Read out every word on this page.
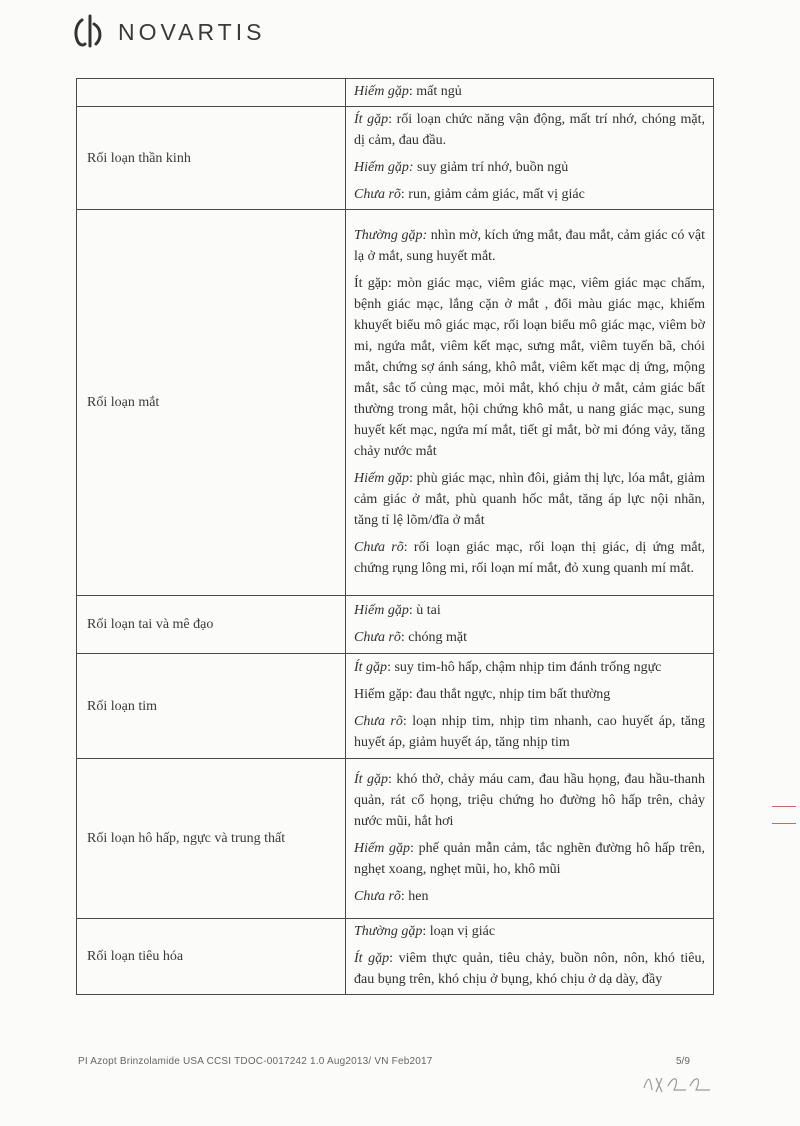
NOVARTIS

	Hiếm gặp: mất ngủ

Rối loạn thần kinh	Ít gặp: rối loạn chức năng vận động, mất trí nhớ, chóng mặt, dị cảm, đau đầu.

Hiếm gặp: suy giảm trí nhớ, buồn ngủ

Chưa rõ: run, giảm cảm giác, mất vị giác

Rối loạn mắt	Thường gặp: nhìn mờ, kích ứng mắt, đau mắt, cảm giác có vật lạ ở mắt, sung huyết mắt.

Ít gặp: mòn giác mạc, viêm giác mạc, viêm giác mạc chấm, bệnh giác mạc, lắng cặn ở mắt , đổi màu giác mạc, khiếm khuyết biểu mô giác mạc, rối loạn biểu mô giác mạc, viêm bờ mi, ngứa mắt, viêm kết mạc, sưng mắt, viêm tuyến bã, chói mắt, chứng sợ ánh sáng, khô mắt, viêm kết mạc dị ứng, mộng mắt, sắc tố củng mạc, mỏi mắt, khó chịu ở mắt, cảm giác bất thường trong mắt, hội chứng khô mắt, u nang giác mạc, sung huyết kết mạc, ngứa mí mắt, tiết gỉ mắt, bờ mi đóng vảy, tăng chảy nước mắt

Hiếm gặp: phù giác mạc, nhìn đôi, giảm thị lực, lóa mắt, giảm cảm giác ở mắt, phù quanh hốc mắt, tăng áp lực nội nhãn, tăng tỉ lệ lõm/đĩa ở mắt

Chưa rõ: rối loạn giác mạc, rối loạn thị giác, dị ứng mắt, chứng rụng lông mi, rối loạn mí mắt, đỏ xung quanh mí mắt.

Rối loạn tai và mê đạo	Hiếm gặp: ù tai

Chưa rõ: chóng mặt

Rối loạn tim	Ít gặp: suy tim-hô hấp, chậm nhịp tim đánh trống ngực

Hiếm gặp: đau thắt ngực, nhịp tim bất thường

Chưa rõ: loạn nhịp tim, nhịp tim nhanh, cao huyết áp, tăng huyết áp, giảm huyết áp, tăng nhịp tim

Rối loạn hô hấp, ngực và trung thất	Ít gặp: khó thở, chảy máu cam, đau hầu họng, đau hầu-thanh quản, rát cổ họng, triệu chứng ho đường hô hấp trên, chảy nước mũi, hắt hơi

Hiếm gặp: phế quản mẫn cảm, tắc nghẽn đường hô hấp trên, nghẹt xoang, nghẹt mũi, ho, khô mũi

Chưa rõ: hen

Rối loạn tiêu hóa	Thường gặp: loạn vị giác

Ít gặp: viêm thực quản, tiêu chảy, buồn nôn, nôn, khó tiêu, đau bụng trên, khó chịu ở bụng, khó chịu ở dạ dày, đầy

PI Azopt Brinzolamide USA CCSI TDOC-0017242 1.0 Aug2013/ VN Feb2017	5/9
